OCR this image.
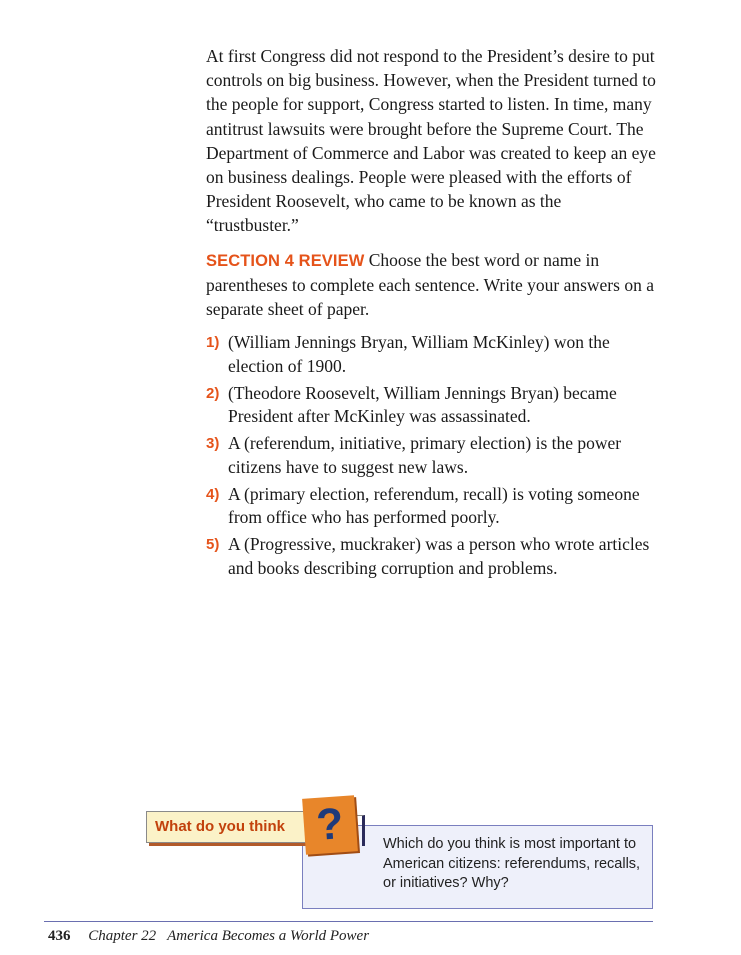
At first Congress did not respond to the President’s desire to put controls on big business. However, when the President turned to the people for support, Congress started to listen. In time, many antitrust lawsuits were brought before the Supreme Court. The Department of Commerce and Labor was created to keep an eye on business dealings. People were pleased with the efforts of President Roosevelt, who came to be known as the “trustbuster.”

SECTION 4 REVIEW Choose the best word or name in parentheses to complete each sentence. Write your answers on a separate sheet of paper.
1) (William Jennings Bryan, William McKinley) won the election of 1900.
2) (Theodore Roosevelt, William Jennings Bryan) became President after McKinley was assassinated.
3) A (referendum, initiative, primary election) is the power citizens have to suggest new laws.
4) A (primary election, referendum, recall) is voting someone from office who has performed poorly.
5) A (Progressive, muckraker) was a person who wrote articles and books describing corruption and problems.
Which do you think is most important to American citizens: referendums, recalls, or initiatives? Why?
What do you think ?
436 Chapter 22   America Becomes a World Power
